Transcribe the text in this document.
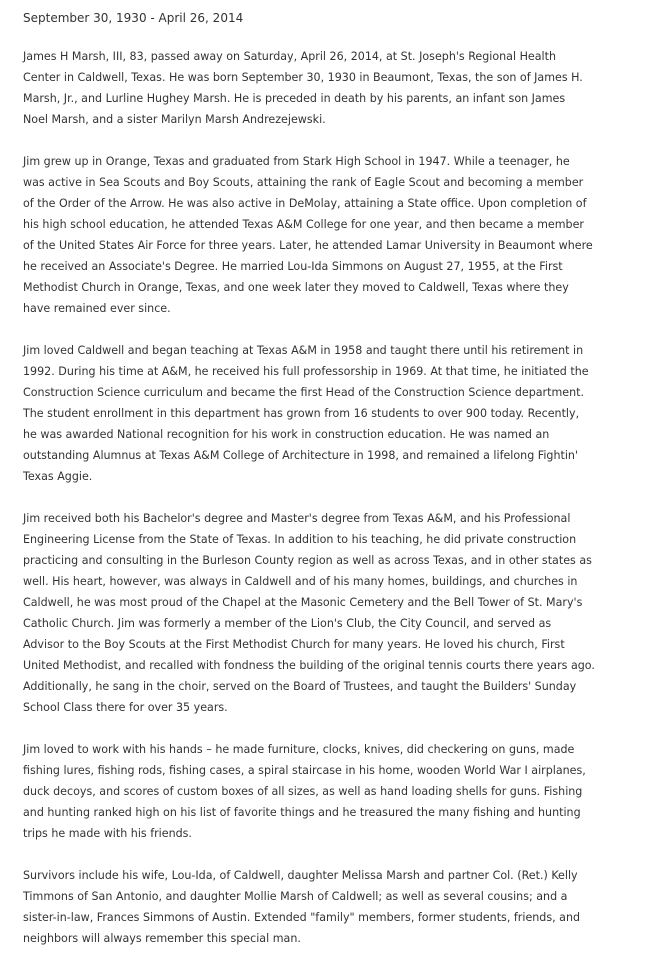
September 30, 1930 - April 26, 2014
James H Marsh, III, 83, passed away on Saturday, April 26, 2014, at St. Joseph's Regional Health
Center in Caldwell, Texas. He was born September 30, 1930 in Beaumont, Texas, the son of James H.
Marsh, Jr., and Lurline Hughey Marsh. He is preceded in death by his parents, an infant son James
Noel Marsh, and a sister Marilyn Marsh Andrezejewski.
Jim grew up in Orange, Texas and graduated from Stark High School in 1947. While a teenager, he
was active in Sea Scouts and Boy Scouts, attaining the rank of Eagle Scout and becoming a member
of the Order of the Arrow. He was also active in DeMolay, attaining a State office. Upon completion of
his high school education, he attended Texas A&M College for one year, and then became a member
of the United States Air Force for three years. Later, he attended Lamar University in Beaumont where
he received an Associate's Degree. He married Lou-Ida Simmons on August 27, 1955, at the First
Methodist Church in Orange, Texas, and one week later they moved to Caldwell, Texas where they
have remained ever since.
Jim loved Caldwell and began teaching at Texas A&M in 1958 and taught there until his retirement in
1992. During his time at A&M, he received his full professorship in 1969. At that time, he initiated the
Construction Science curriculum and became the first Head of the Construction Science department.
The student enrollment in this department has grown from 16 students to over 900 today. Recently,
he was awarded National recognition for his work in construction education. He was named an
outstanding Alumnus at Texas A&M College of Architecture in 1998, and remained a lifelong Fightin'
Texas Aggie.
Jim received both his Bachelor's degree and Master's degree from Texas A&M, and his Professional
Engineering License from the State of Texas. In addition to his teaching, he did private construction
practicing and consulting in the Burleson County region as well as across Texas, and in other states as
well. His heart, however, was always in Caldwell and of his many homes, buildings, and churches in
Caldwell, he was most proud of the Chapel at the Masonic Cemetery and the Bell Tower of St. Mary's
Catholic Church. Jim was formerly a member of the Lion's Club, the City Council, and served as
Advisor to the Boy Scouts at the First Methodist Church for many years. He loved his church, First
United Methodist, and recalled with fondness the building of the original tennis courts there years ago.
Additionally, he sang in the choir, served on the Board of Trustees, and taught the Builders' Sunday
School Class there for over 35 years.
Jim loved to work with his hands – he made furniture, clocks, knives, did checkering on guns, made
fishing lures, fishing rods, fishing cases, a spiral staircase in his home, wooden World War I airplanes,
duck decoys, and scores of custom boxes of all sizes, as well as hand loading shells for guns. Fishing
and hunting ranked high on his list of favorite things and he treasured the many fishing and hunting
trips he made with his friends.
Survivors include his wife, Lou-Ida, of Caldwell, daughter Melissa Marsh and partner Col. (Ret.) Kelly
Timmons of San Antonio, and daughter Mollie Marsh of Caldwell; as well as several cousins; and a
sister-in-law, Frances Simmons of Austin. Extended "family" members, former students, friends, and
neighbors will always remember this special man.
